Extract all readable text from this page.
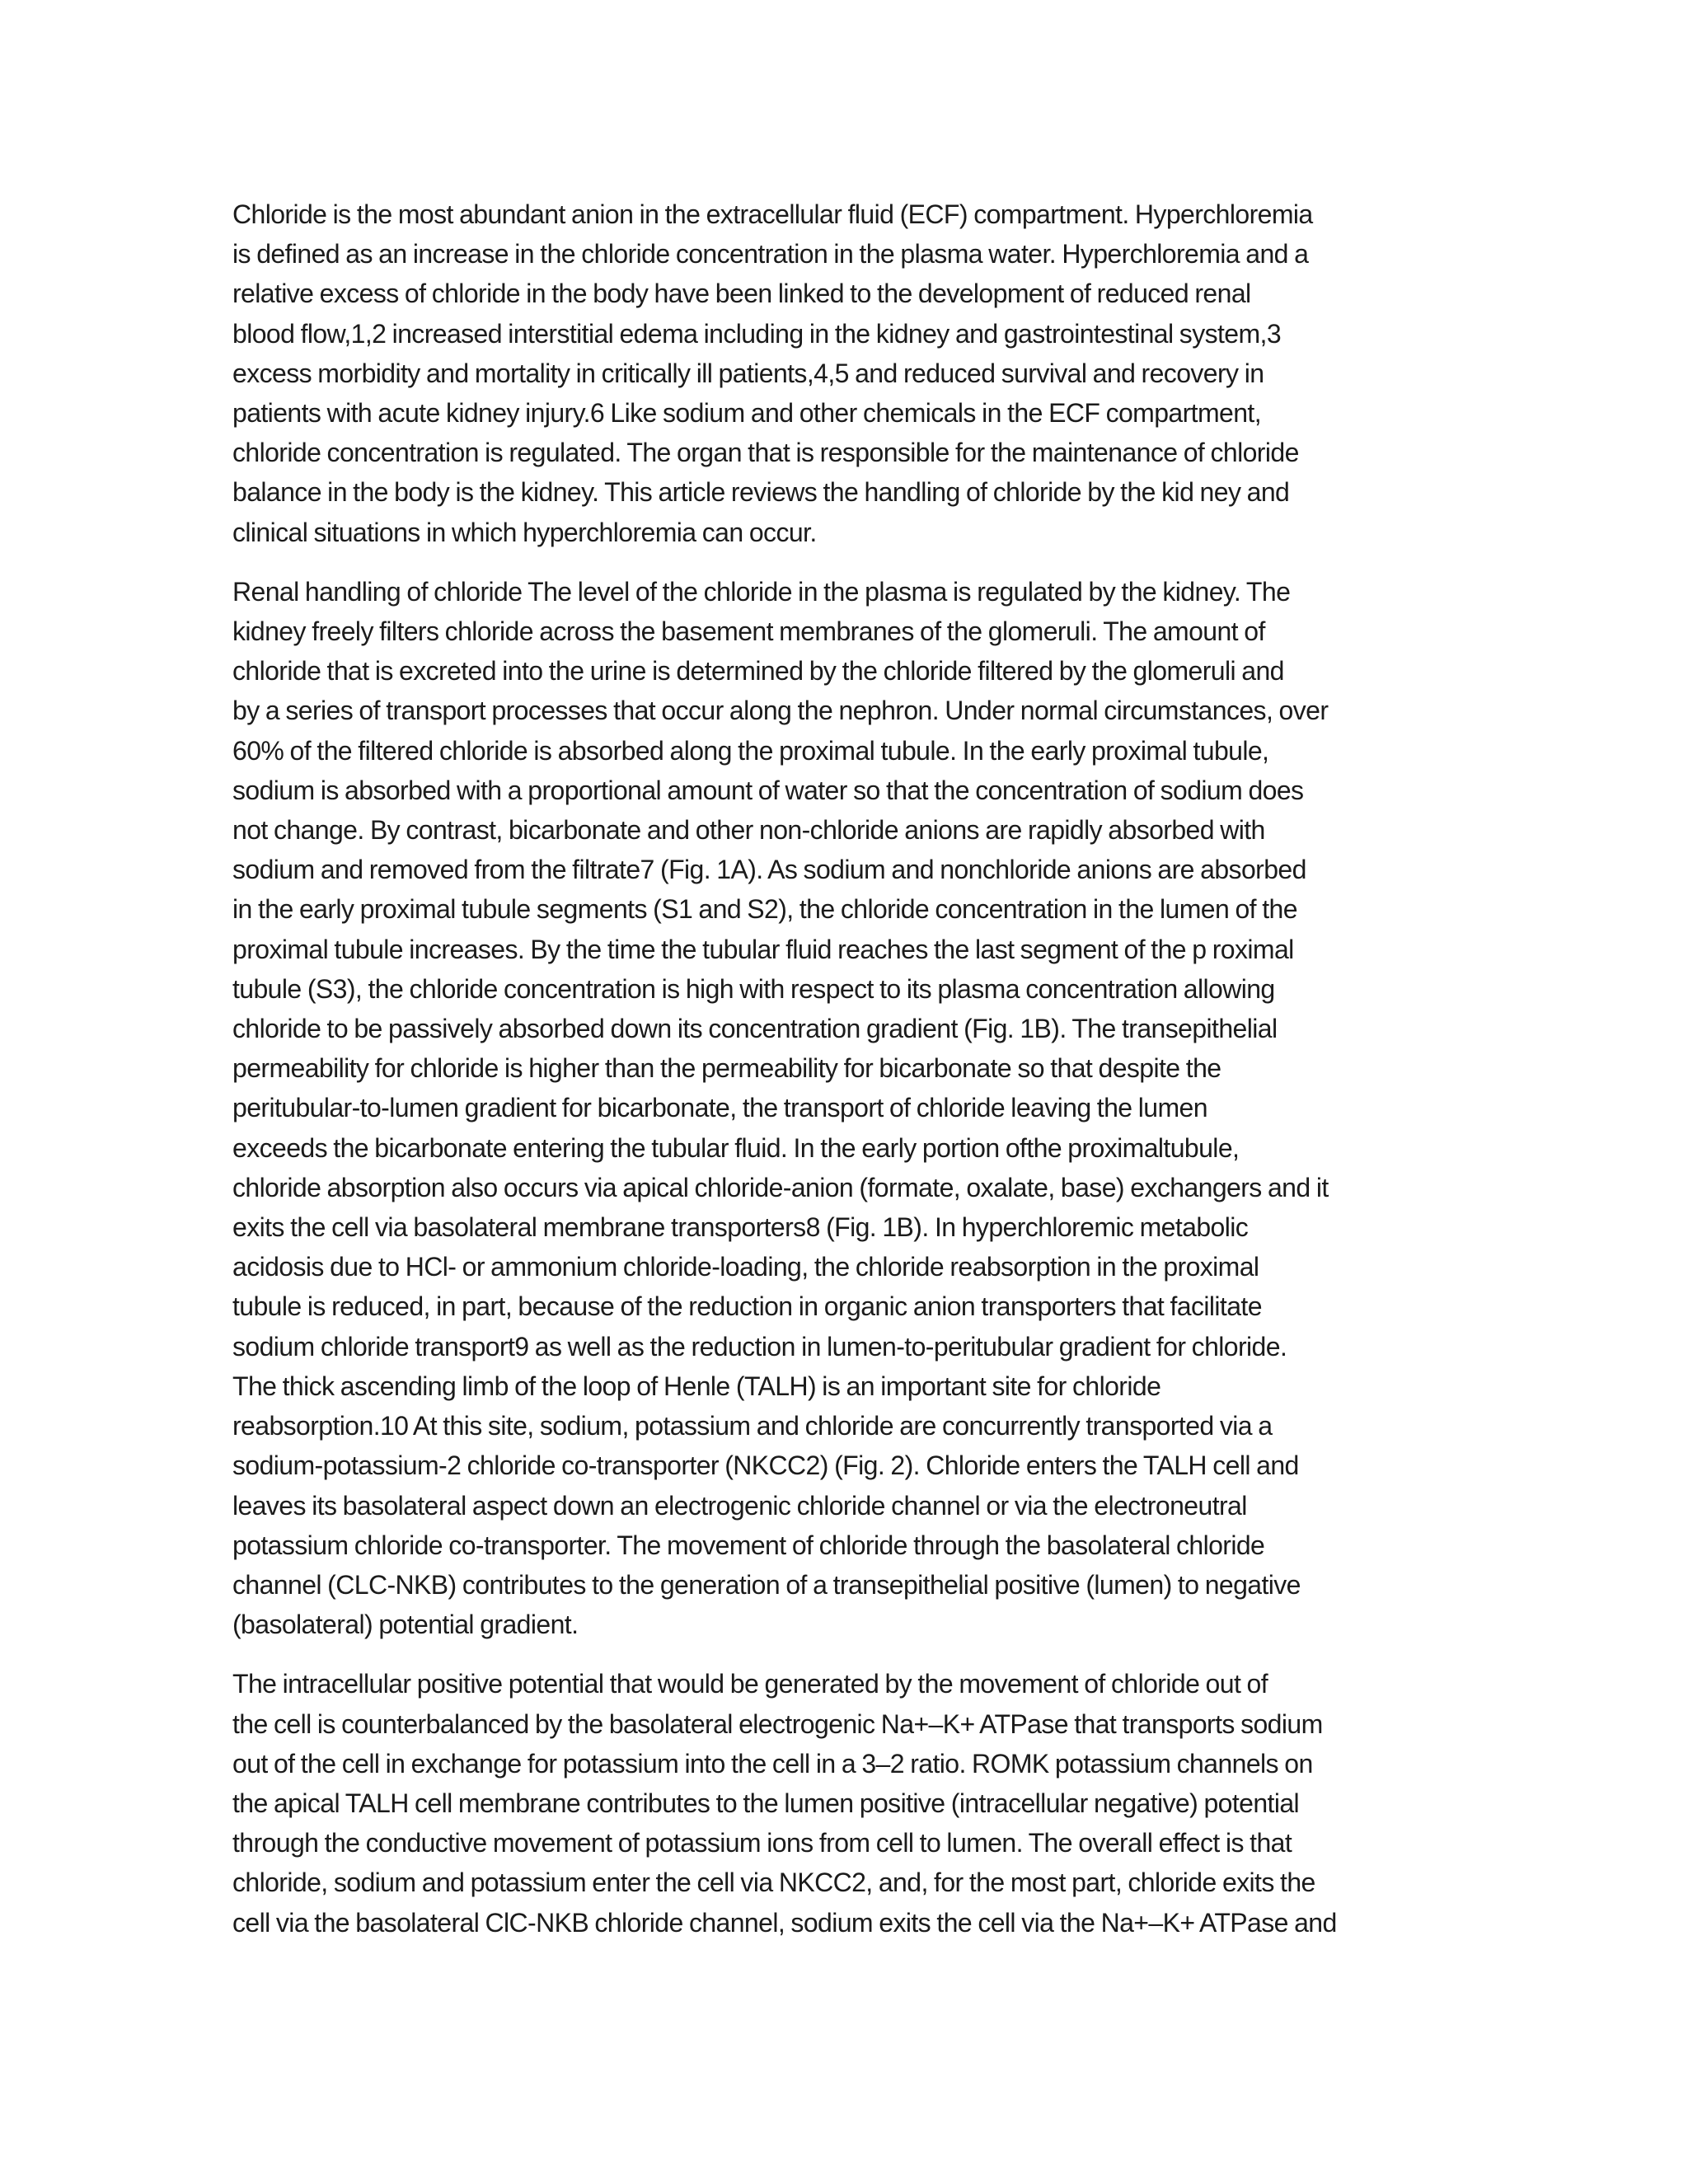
Chloride is the most abundant anion in the extracellular fluid (ECF) compartment. Hyperchloremia
is defined as an increase in the chloride concentration in the plasma water. Hyperchloremia and a
relative excess of chloride in the body have been linked to the development of reduced renal
blood flow,1,2 increased interstitial edema including in the kidney and gastrointestinal system,3
excess morbidity and mortality in critically ill patients,4,5 and reduced survival and recovery in
patients with acute kidney injury.6 Like sodium and other chemicals in the ECF compartment,
chloride concentration is regulated. The organ that is responsible for the maintenance of chloride
balance in the body is the kidney. This article reviews the handling of chloride by the kid ney and
clinical situations in which hyperchloremia can occur.
Renal handling of chloride The level of the chloride in the plasma is regulated by the kidney. The
kidney freely filters chloride across the basement membranes of the glomeruli. The amount of
chloride that is excreted into the urine is determined by the chloride filtered by the glomeruli and
by a series of transport processes that occur along the nephron. Under normal circumstances, over
60% of the filtered chloride is absorbed along the proximal tubule. In the early proximal tubule,
sodium is absorbed with a proportional amount of water so that the concentration of sodium does
not change. By contrast, bicarbonate and other non-chloride anions are rapidly absorbed with
sodium and removed from the filtrate7 (Fig. 1A). As sodium and nonchloride anions are absorbed
in the early proximal tubule segments (S1 and S2), the chloride concentration in the lumen of the
proximal tubule increases. By the time the tubular fluid reaches the last segment of the p roximal
tubule (S3), the chloride concentration is high with respect to its plasma concentration allowing
chloride to be passively absorbed down its concentration gradient (Fig. 1B). The transepithelial
permeability for chloride is higher than the permeability for bicarbonate so that despite the
peritubular-to-lumen gradient for bicarbonate, the transport of chloride leaving the lumen
exceeds the bicarbonate entering the tubular fluid. In the early portion ofthe proximaltubule,
chloride absorption also occurs via apical chloride-anion (formate, oxalate, base) exchangers and it
exits the cell via basolateral membrane transporters8 (Fig. 1B). In hyperchloremic metabolic
acidosis due to HCl- or ammonium chloride-loading, the chloride reabsorption in the proximal
tubule is reduced, in part, because of the reduction in organic anion transporters that facilitate
sodium chloride transport9 as well as the reduction in lumen-to-peritubular gradient for chloride.
The thick ascending limb of the loop of Henle (TALH) is an important site for chloride
reabsorption.10 At this site, sodium, potassium and chloride are concurrently transported via a
sodium-potassium-2 chloride co-transporter (NKCC2) (Fig. 2). Chloride enters the TALH cell and
leaves its basolateral aspect down an electrogenic chloride channel or via the electroneutral
potassium chloride co-transporter. The movement of chloride through the basolateral chloride
channel (CLC-NKB) contributes to the generation of a transepithelial positive (lumen) to negative
(basolateral) potential gradient.
The intracellular positive potential that would be generated by the movement of chloride out of
the cell is counterbalanced by the basolateral electrogenic Na+–K+ ATPase that transports sodium
out of the cell in exchange for potassium into the cell in a 3–2 ratio. ROMK potassium channels on
the apical TALH cell membrane contributes to the lumen positive (intracellular negative) potential
through the conductive movement of potassium ions from cell to lumen. The overall effect is that
chloride, sodium and potassium enter the cell via NKCC2, and, for the most part, chloride exits the
cell via the basolateral ClC-NKB chloride channel, sodium exits the cell via the Na+–K+ ATPase and
